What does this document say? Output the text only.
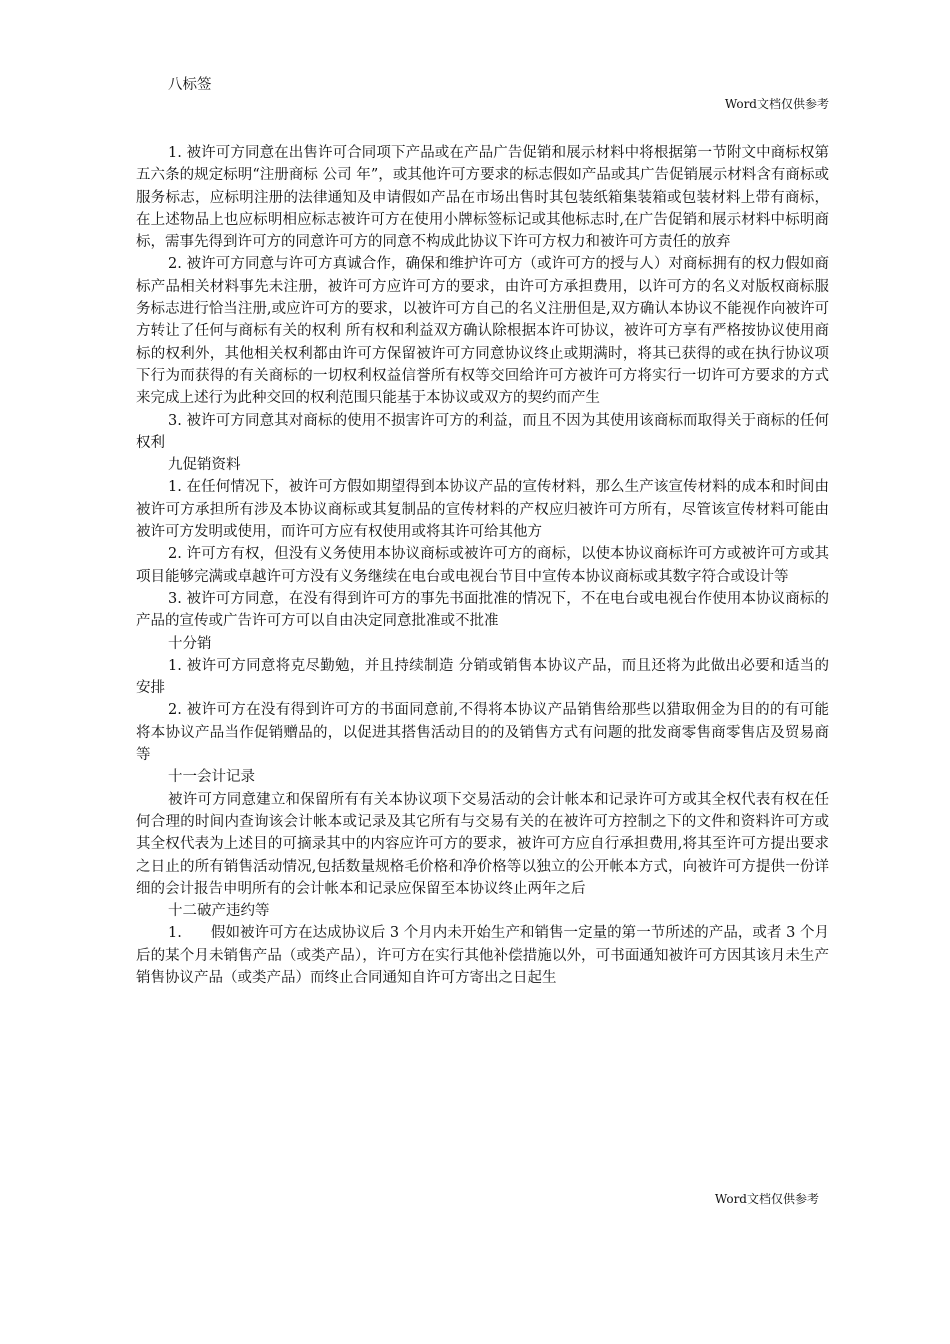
八标签
Word文档仅供参考

1. 被许可方同意在出售许可合同项下产品或在产品广告促销和展示材料中将根据第一节附文中商标权第五六条的规定标明“注册商标 公司 年”，或其他许可方要求的标志假如产品或其广告促销展示材料含有商标或服务标志，应标明注册的法律通知及申请假如产品在市场出售时其包装纸箱集装箱或包装材料上带有商标，在上述物品上也应标明相应标志被许可方在使用小牌标签标记或其他标志时,在广告促销和展示材料中标明商标，需事先得到许可方的同意许可方的同意不构成此协议下许可方权力和被许可方责任的放弃

2. 被许可方同意与许可方真诚合作，确保和维护许可方（或许可方的授与人）对商标拥有的权力假如商标产品相关材料事先未注册，被许可方应许可方的要求，由许可方承担费用，以许可方的名义对版权商标服务标志进行恰当注册,或应许可方的要求，以被许可方自己的名义注册但是,双方确认本协议不能视作向被许可方转让了任何与商标有关的权利 所有权和利益双方确认除根据本许可协议，被许可方享有严格按协议使用商标的权利外，其他相关权利都由许可方保留被许可方同意协议终止或期满时，将其已获得的或在执行协议项下行为而获得的有关商标的一切权利权益信誉所有权等交回给许可方被许可方将实行一切许可方要求的方式来完成上述行为此种交回的权利范围只能基于本协议或双方的契约而产生

3. 被许可方同意其对商标的使用不损害许可方的利益，而且不因为其使用该商标而取得关于商标的任何权利

九促销资料

1. 在任何情况下，被许可方假如期望得到本协议产品的宣传材料，那么生产该宣传材料的成本和时间由被许可方承担所有涉及本协议商标或其复制品的宣传材料的产权应归被许可方所有，尽管该宣传材料可能由被许可方发明或使用，而许可方应有权使用或将其许可给其他方

2. 许可方有权，但没有义务使用本协议商标或被许可方的商标，以使本协议商标许可方或被许可方或其项目能够完满或卓越许可方没有义务继续在电台或电视台节目中宣传本协议商标或其数字符合或设计等

3. 被许可方同意，在没有得到许可方的事先书面批准的情况下，不在电台或电视台作使用本协议商标的产品的宣传或广告许可方可以自由决定同意批准或不批准

十分销

1. 被许可方同意将克尽勤勉，并且持续制造 分销或销售本协议产品，而且还将为此做出必要和适当的安排

2. 被许可方在没有得到许可方的书面同意前,不得将本协议产品销售给那些以猎取佣金为目的的有可能将本协议产品当作促销赠品的，以促进其搭售活动目的的及销售方式有问题的批发商零售商零售店及贸易商等

十一会计记录

被许可方同意建立和保留所有有关本协议项下交易活动的会计帐本和记录许可方或其全权代表有权在任何合理的时间内查询该会计帐本或记录及其它所有与交易有关的在被许可方控制之下的文件和资料许可方或其全权代表为上述目的可摘录其中的内容应许可方的要求，被许可方应自行承担费用,将其至许可方提出要求之日止的所有销售活动情况,包括数量规格毛价格和净价格等以独立的公开帐本方式，向被许可方提供一份详细的会计报告申明所有的会计帐本和记录应保留至本协议终止两年之后

十二破产违约等

1.　　假如被许可方在达成协议后 3 个月内未开始生产和销售一定量的第一节所述的产品，或者 3 个月后的某个月未销售产品（或类产品），许可方在实行其他补偿措施以外，可书面通知被许可方因其该月未生产销售协议产品（或类产品）而终止合同通知自许可方寄出之日起生

Word文档仅供参考
